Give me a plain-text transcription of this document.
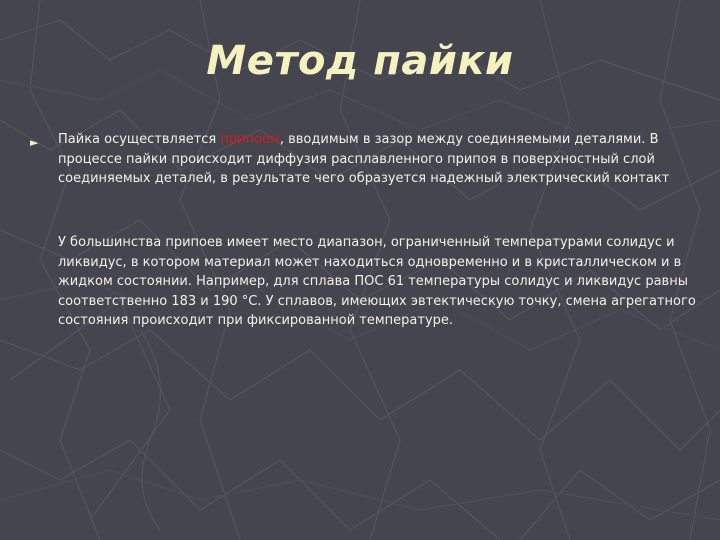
Метод пайки
► Пайка осуществляется припоем, вводимым в зазор между соединяемыми деталями. В процессе пайки происходит диффузия расплавленного припоя в поверхностный слой соединяемых деталей, в результате чего образуется надежный электрический контакт
У большинства припоев имеет место диапазон, ограниченный температурами солидус и ликвидус, в котором материал может находиться одновременно и в кристаллическом и в жидком состоянии. Например, для сплава ПОС 61 температуры солидус и ликвидус равны соответственно 183 и 190 °С. У сплавов, имеющих эвтектическую точку, смена агрегатного состояния происходит при фиксированной температуре.
